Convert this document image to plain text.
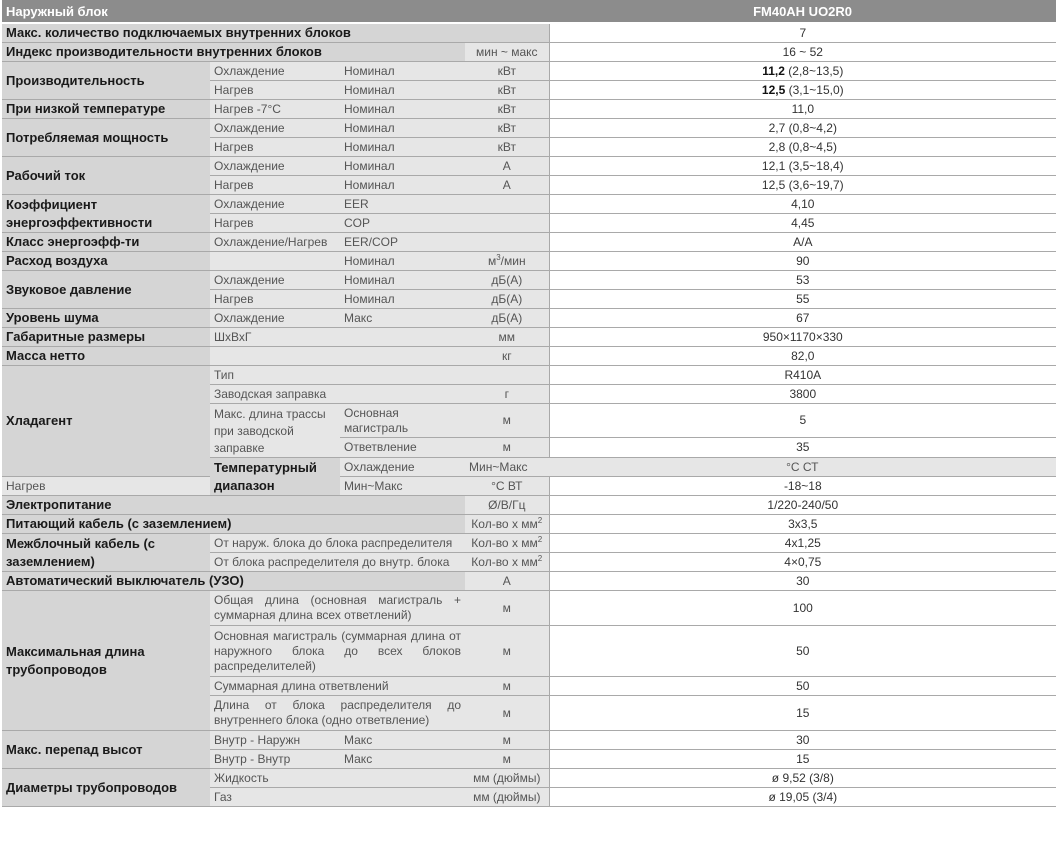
Наружный блок				FM40AH UO2R0	
Макс. количество подключаемых внутренних блоков				7	
Индекс производительности внутренних блоков			мин ~ макс	16 ~ 52	
Производительность	Охлаждение	Номинал	кВт	11,2 (2,8~13,5)	
	Нагрев	Номинал	кВт	12,5 (3,1~15,0)	
При низкой температуре	Нагрев -7°C	Номинал	кВт	11,0	
Потребляемая мощность	Охлаждение	Номинал	кВт	2,7 (0,8~4,2)	
	Нагрев	Номинал	кВт	2,8 (0,8~4,5)	
Рабочий ток	Охлаждение	Номинал	А	12,1 (3,5~18,4)	
	Нагрев	Номинал	А	12,5 (3,6~19,7)	
Коэффициент энергоэффективности	Охлаждение	EER		4,10	
	Нагрев	COP		4,45	
Класс энергоэфф-ти	Охлаждение/Нагрев	EER/COP		A/A	
Расход воздуха		Номинал	$м^3$/мин	90	
Звуковое давление	Охлаждение	Номинал	дБ(А)	53	
	Нагрев	Номинал	дБ(А)	55	
Уровень шума	Охлаждение	Макс	дБ(А)	67	
Габаритные размеры	ШхВхГ		мм	950×1170×330	
Масса нетто			кг	82,0	
Хладагент	Тип			R410A	
	Заводская заправка		г	3800	
	Макс. длина трассы при заводской заправке	Основная магистраль	м	5	
		Ответвление	м	35	
	Температурный диапазон	Охлаждение	Мин~Макс	°C СТ	
Нагрев		Мин~Макс	°C ВТ	-18~18	
Электропитание			Ø/В/Гц	1/220-240/50	
Питающий кабель (с заземлением)			Кол-во х $мм^2$	3х3,5	
Межблочный кабель (с заземлением)	От наруж. блока до блока распределителя		Кол-во х $мм^2$	4х1,25	
	От блока распределителя до внутр. блока		Кол-во х $мм^2$	4×0,75	
Автоматический выключатель (УЗО)			А	30	
Максимальная длина трубопроводов	Общая длина (основная магистраль + суммарная длина всех ответлений)		м	100	
	Основная магистраль (суммарная длина от наружного блока до всех блоков распределителей)		м	50	
	Суммарная длина ответвлений		м	50	
	Длина от блока распределителя до внутреннего блока (одно ответвление)		м	15	
Макс. перепад высот	Внутр - Наружн	Макс	м	30	
	Внутр - Внутр	Макс	м	15	
Диаметры трубопроводов	Жидкость		мм (дюймы)	ø 9,52 (3/8)	
	Газ		мм (дюймы)	ø 19,05 (3/4)	
